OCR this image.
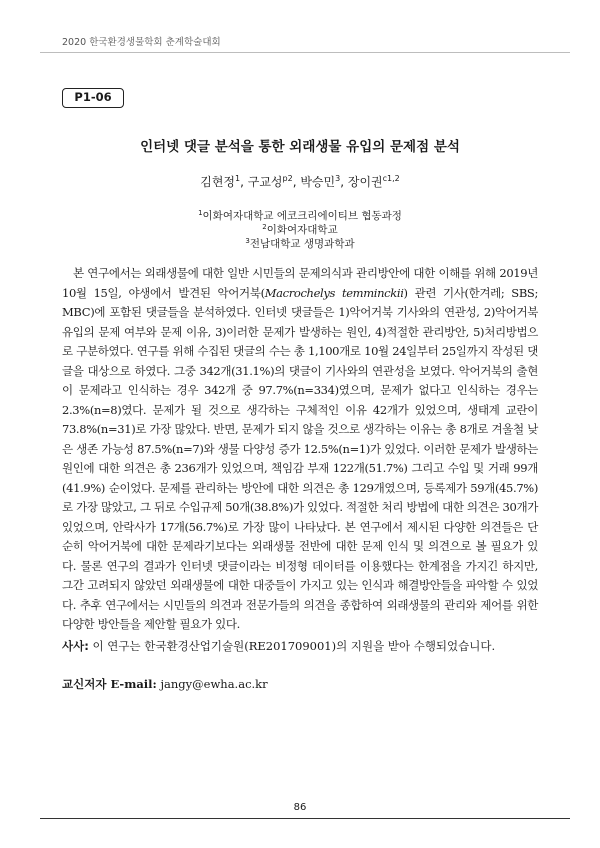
2020 한국환경생물학회 춘계학술대회
P1-06
인터넷 댓글 분석을 통한 외래생물 유입의 문제점 분석
김현정$^1$, 구교성$^{p2}$, 박승민$^3$, 장이권$^{c1,2}$
$^1$이화여자대학교 에코크리에이티브 협동과정
$^2$이화여자대학교
$^3$전남대학교 생명과학과

본 연구에서는 외래생물에 대한 일반 시민들의 문제의식과 관리방안에 대한 이해를 위해 2019년 10월 15일, 야생에서 발견된 악어거북(Macrochelys temminckii) 관련 기사(한겨레; SBS; MBC)에 포함된 댓글들을 분석하였다. 인터넷 댓글들은 1)악어거북 기사와의 연관성, 2)악어거북 유입의 문제 여부와 문제 이유, 3)이러한 문제가 발생하는 원인, 4)적절한 관리방안, 5)처리방법으로 구분하였다. 연구를 위해 수집된 댓글의 수는 총 1,100개로 10월 24일부터 25일까지 작성된 댓글을 대상으로 하였다. 그중 342개(31.1%)의 댓글이 기사와의 연관성을 보였다. 악어거북의 출현이 문제라고 인식하는 경우 342개 중 97.7%(n=334)였으며, 문제가 없다고 인식하는 경우는 2.3%(n=8)였다. 문제가 될 것으로 생각하는 구체적인 이유 42개가 있었으며, 생태계 교란이 73.8%(n=31)로 가장 많았다. 반면, 문제가 되지 않을 것으로 생각하는 이유는 총 8개로 겨울철 낮은 생존 가능성 87.5%(n=7)와 생물 다양성 증가 12.5%(n=1)가 있었다. 이러한 문제가 발생하는 원인에 대한 의견은 총 236개가 있었으며, 책임감 부재 122개(51.7%) 그리고 수입 및 거래 99개(41.9%) 순이었다. 문제를 관리하는 방안에 대한 의견은 총 129개였으며, 등록제가 59개(45.7%)로 가장 많았고, 그 뒤로 수입규제 50개(38.8%)가 있었다. 적절한 처리 방법에 대한 의견은 30개가 있었으며, 안락사가 17개(56.7%)로 가장 많이 나타났다. 본 연구에서 제시된 다양한 의견들은 단순히 악어거북에 대한 문제라기보다는 외래생물 전반에 대한 문제 인식 및 의견으로 볼 필요가 있다. 물론 연구의 결과가 인터넷 댓글이라는 비정형 데이터를 이용했다는 한계점을 가지긴 하지만, 그간 고려되지 않았던 외래생물에 대한 대중들이 가지고 있는 인식과 해결방안들을 파악할 수 있었다. 추후 연구에서는 시민들의 의견과 전문가들의 의견을 종합하여 외래생물의 관리와 제어를 위한 다양한 방안들을 제안할 필요가 있다.

사사: 이 연구는 한국환경산업기술원(RE201709001)의 지원을 받아 수행되었습니다.
교신저자 E-mail: jangy@ewha.ac.kr
86
